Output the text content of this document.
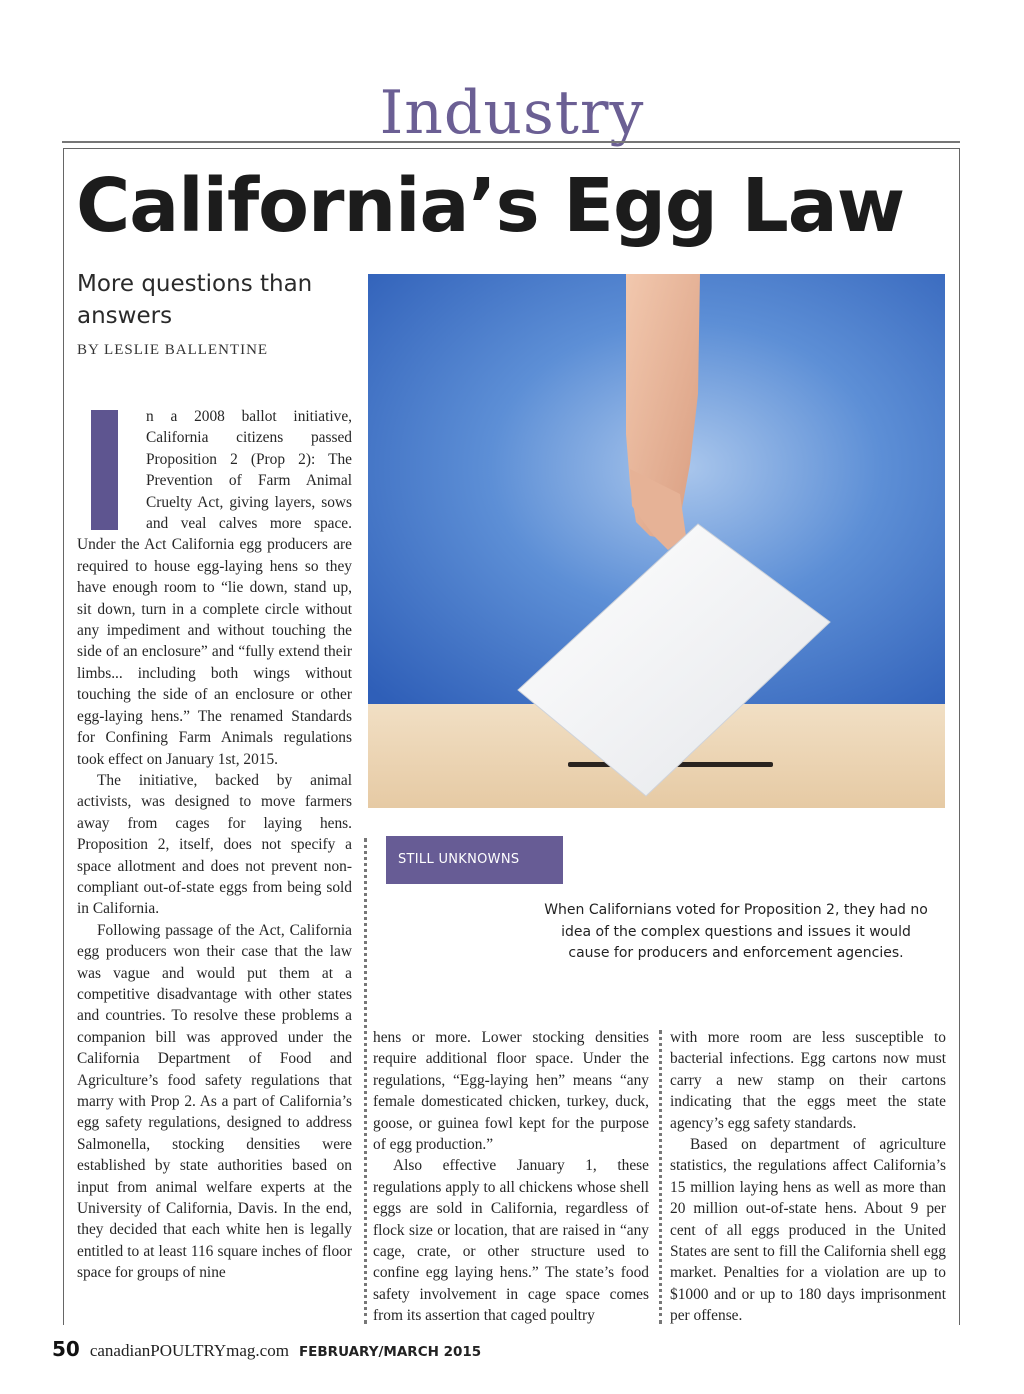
Industry
California’s Egg Law
More questions than answers
BY LESLIE BALLENTINE

n a 2008 ballot initiative, California citizens passed Proposition 2 (Prop 2): The Prevention of Farm Animal Cruelty Act, giving layers, sows and veal calves more space. Under the Act California egg producers are required to house egg-laying hens so they have enough room to “lie down, stand up, sit down, turn in a complete circle without any impediment and without touching the side of an enclosure” and “fully extend their limbs... including both wings without touching the side of an enclosure or other egg-laying hens.” The renamed Standards for Confining Farm Animals regulations took effect on January 1st, 2015.

The initiative, backed by animal activists, was designed to move farmers away from cages for laying hens. Proposition 2, itself, does not specify a space allotment and does not prevent non-compliant out-of-state eggs from being sold in California.

Following passage of the Act, California egg producers won their case that the law was vague and would put them at a competitive disadvantage with other states and countries. To resolve these problems a companion bill was approved under the California Department of Food and Agriculture’s food safety regulations that marry with Prop 2. As a part of California’s egg safety regulations, designed to address Salmonella, stocking densities were established by state authorities based on input from animal welfare experts at the University of California, Davis. In the end, they decided that each white hen is legally entitled to at least 116 square inches of floor space for groups of nine

STILL UNKNOWNS
When Californians voted for Proposition 2, they had no idea of the complex questions and issues it would cause for producers and enforcement agencies.

hens or more. Lower stocking densities require additional floor space. Under the regulations, “Egg-laying hen” means “any female domesticated chicken, turkey, duck, goose, or guinea fowl kept for the purpose of egg production.”

Also effective January 1, these regulations apply to all chickens whose shell eggs are sold in California, regardless of flock size or location, that are raised in “any cage, crate, or other structure used to confine egg laying hens.” The state’s food safety involvement in cage space comes from its assertion that caged poultry

with more room are less susceptible to bacterial infections. Egg cartons now must carry a new stamp on their cartons indicating that the eggs meet the state agency’s egg safety standards.

Based on department of agriculture statistics, the regulations affect California’s 15 million laying hens as well as more than 20 million out-of-state hens. About 9 per cent of all eggs produced in the United States are sent to fill the California shell egg market. Penalties for a violation are up to $1000 and or up to 180 days imprisonment per offense.

50 canadianPOULTRYmag.com FEBRUARY/MARCH 2015
